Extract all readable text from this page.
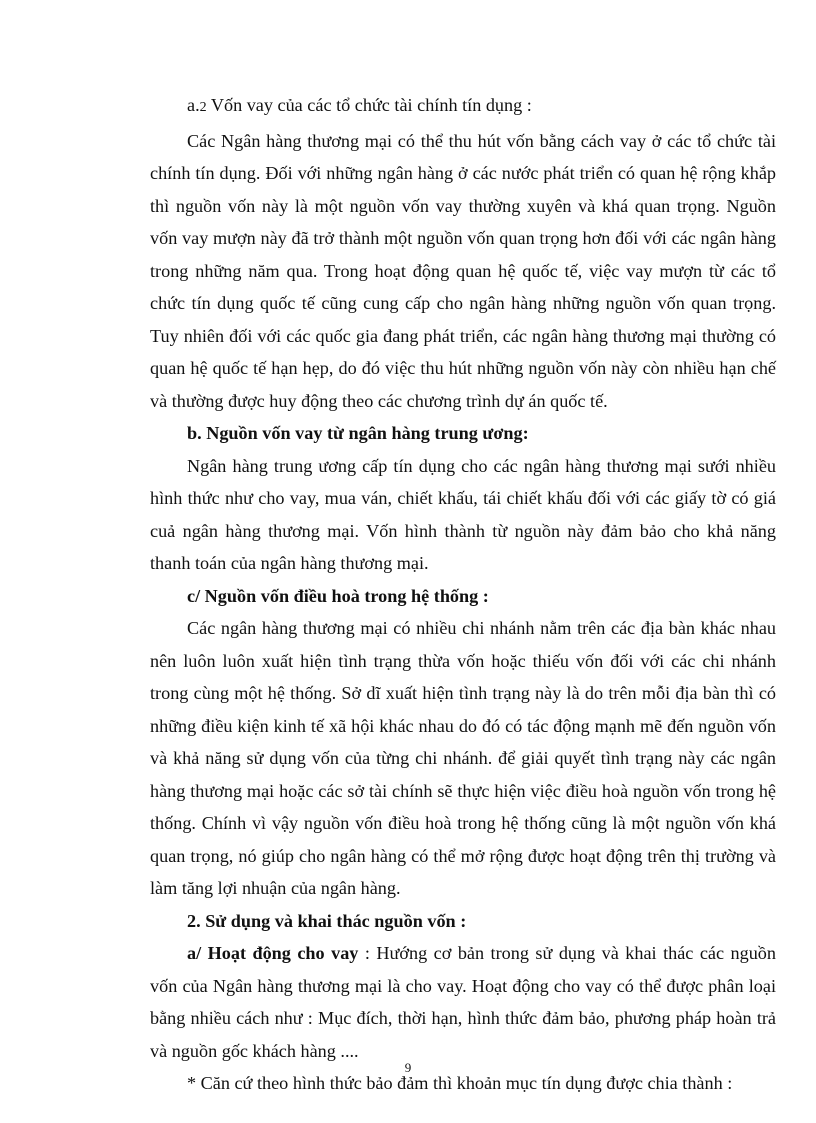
a.2 Vốn vay của các tổ chức tài chính tín dụng :

Các Ngân hàng thương mại có thể thu hút vốn bằng cách vay ở các tổ chức tài chính tín dụng. Đối với những ngân hàng ở các nước phát triển có quan hệ rộng khắp thì nguồn vốn này là một nguồn vốn vay thường xuyên và khá quan trọng. Nguồn vốn vay mượn này đã trở thành một nguồn vốn quan trọng hơn đối với các ngân hàng trong những năm qua. Trong hoạt động quan hệ quốc tế, việc vay mượn từ các tổ chức tín dụng quốc tế cũng cung cấp cho ngân hàng những nguồn vốn quan trọng. Tuy nhiên đối với các quốc gia đang phát triển, các ngân hàng thương mại thường có quan hệ quốc tế hạn hẹp, do đó việc thu hút những nguồn vốn này còn nhiều hạn chế và thường được huy động theo các chương trình dự án quốc tế.

b. Nguồn vốn vay từ ngân hàng trung ương:

Ngân hàng trung ương cấp tín dụng cho các ngân hàng thương mại sưới nhiều hình thức như cho vay, mua ván, chiết khấu, tái chiết khấu đối với các giấy tờ có giá cuả ngân hàng thương mại. Vốn hình thành từ nguồn này đảm bảo cho khả năng thanh toán của ngân hàng thương mại.

c/ Nguồn vốn điều hoà trong hệ thống :

Các ngân hàng thương mại có nhiều chi nhánh nằm trên các địa bàn khác nhau nên luôn luôn xuất hiện tình trạng thừa vốn hoặc thiếu vốn đối với các chi nhánh trong cùng một hệ thống. Sở dĩ xuất hiện tình trạng này là do trên mỗi địa bàn thì có những điều kiện kinh tế xã hội khác nhau do đó có tác động mạnh mẽ đến nguồn vốn và khả năng sử dụng vốn của từng chi nhánh. để giải quyết tình trạng này các ngân hàng thương mại hoặc các sở tài chính sẽ thực hiện việc điều hoà nguồn vốn trong hệ thống. Chính vì vậy nguồn vốn điều hoà trong hệ thống cũng là một nguồn vốn khá quan trọng, nó giúp cho ngân hàng có thể mở rộng được hoạt động trên thị trường và làm tăng lợi nhuận của ngân hàng.

2. Sử dụng và khai thác nguồn vốn :

a/ Hoạt động cho vay : Hướng cơ bản trong sử dụng và khai thác các nguồn vốn của Ngân hàng thương mại là cho vay. Hoạt động cho vay có thể được phân loại bằng nhiều cách như : Mục đích, thời hạn, hình thức đảm bảo, phương pháp hoàn trả và nguồn gốc khách hàng ....

* Căn cứ theo hình thức bảo đảm thì khoản mục tín dụng được chia thành :

9
